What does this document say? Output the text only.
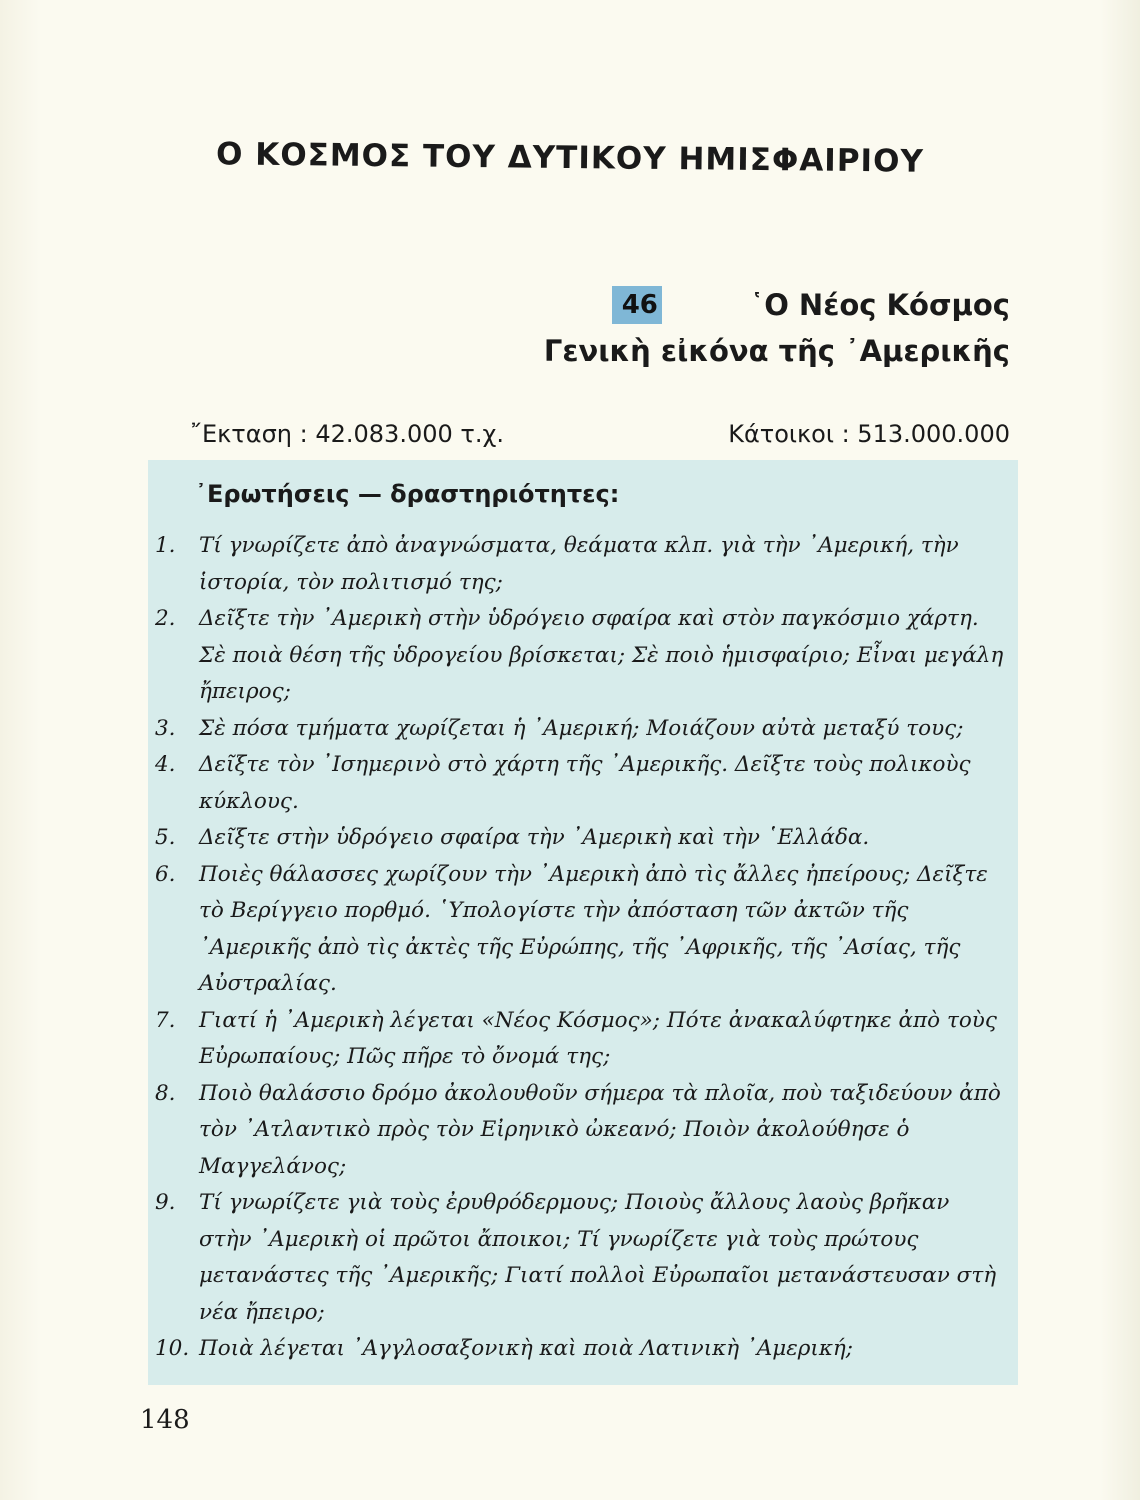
Ο ΚΟΣΜΟΣ ΤΟΥ ΔΥΤΙΚΟΥ ΗΜΙΣΦΑΙΡΙΟΥ
46	῾Ο Νέος Κόσμος
Γενικὴ εἰκόνα τῆς ᾿Αμερικῆς
῎Εκταση : 42.083.000 τ.χ.	Κάτοικοι : 513.000.000
᾿Ερωτήσεις — δραστηριότητες:
1. Τί γνωρίζετε ἀπὸ ἀναγνώσματα, θεάματα κλπ. γιὰ τὴν ᾿Αμερική, τὴν ἱστορία, τὸν πολιτισμό της;
2. Δεῖξτε τὴν ᾿Αμερικὴ στὴν ὑδρόγειο σφαίρα καὶ στὸν παγκόσμιο χάρτη. Σὲ ποιὰ θέση τῆς ὑδρογείου βρίσκεται; Σὲ ποιὸ ἡμισφαίριο; Εἶναι μεγάλη ἤπειρος;
3. Σὲ πόσα τμήματα χωρίζεται ἡ ᾿Αμερική; Μοιάζουν αὐτὰ μεταξύ τους;
4. Δεῖξτε τὸν ᾿Ισημερινὸ στὸ χάρτη τῆς ᾿Αμερικῆς. Δεῖξτε τοὺς πολικοὺς κύκλους.
5. Δεῖξτε στὴν ὑδρόγειο σφαίρα τὴν ᾿Αμερικὴ καὶ τὴν ῾Ελλάδα.
6. Ποιὲς θάλασσες χωρίζουν τὴν ᾿Αμερικὴ ἀπὸ τὶς ἄλλες ἠπείρους; Δεῖξτε τὸ Βερίγγειο πορθμό. ῾Υπολογίστε τὴν ἀπόσταση τῶν ἀκτῶν τῆς ᾿Αμερικῆς ἀπὸ τὶς ἀκτὲς τῆς Εὐρώπης, τῆς ᾿Αφρικῆς, τῆς ᾿Ασίας, τῆς Αὐστραλίας.
7. Γιατί ἡ ᾿Αμερικὴ λέγεται «Νέος Κόσμος»; Πότε ἀνακαλύφτηκε ἀπὸ τοὺς Εὐρωπαίους; Πῶς πῆρε τὸ ὄνομά της;
8. Ποιὸ θαλάσσιο δρόμο ἀκολουθοῦν σήμερα τὰ πλοῖα, ποὺ ταξιδεύουν ἀπὸ τὸν ᾿Ατλαντικὸ πρὸς τὸν Εἰρηνικὸ ὠκεανό; Ποιὸν ἀκολούθησε ὁ Μαγγελάνος;
9. Τί γνωρίζετε γιὰ τοὺς ἐρυθρόδερμους; Ποιοὺς ἄλλους λαοὺς βρῆκαν στὴν ᾿Αμερικὴ οἱ πρῶτοι ἄποικοι; Τί γνωρίζετε γιὰ τοὺς πρώτους μετανάστες τῆς ᾿Αμερικῆς; Γιατί πολλοὶ Εὐρωπαῖοι μετανάστευσαν στὴ νέα ἤπειρο;
10. Ποιὰ λέγεται ᾿Αγγλοσαξονικὴ καὶ ποιὰ Λατινικὴ ᾿Αμερική;
148
